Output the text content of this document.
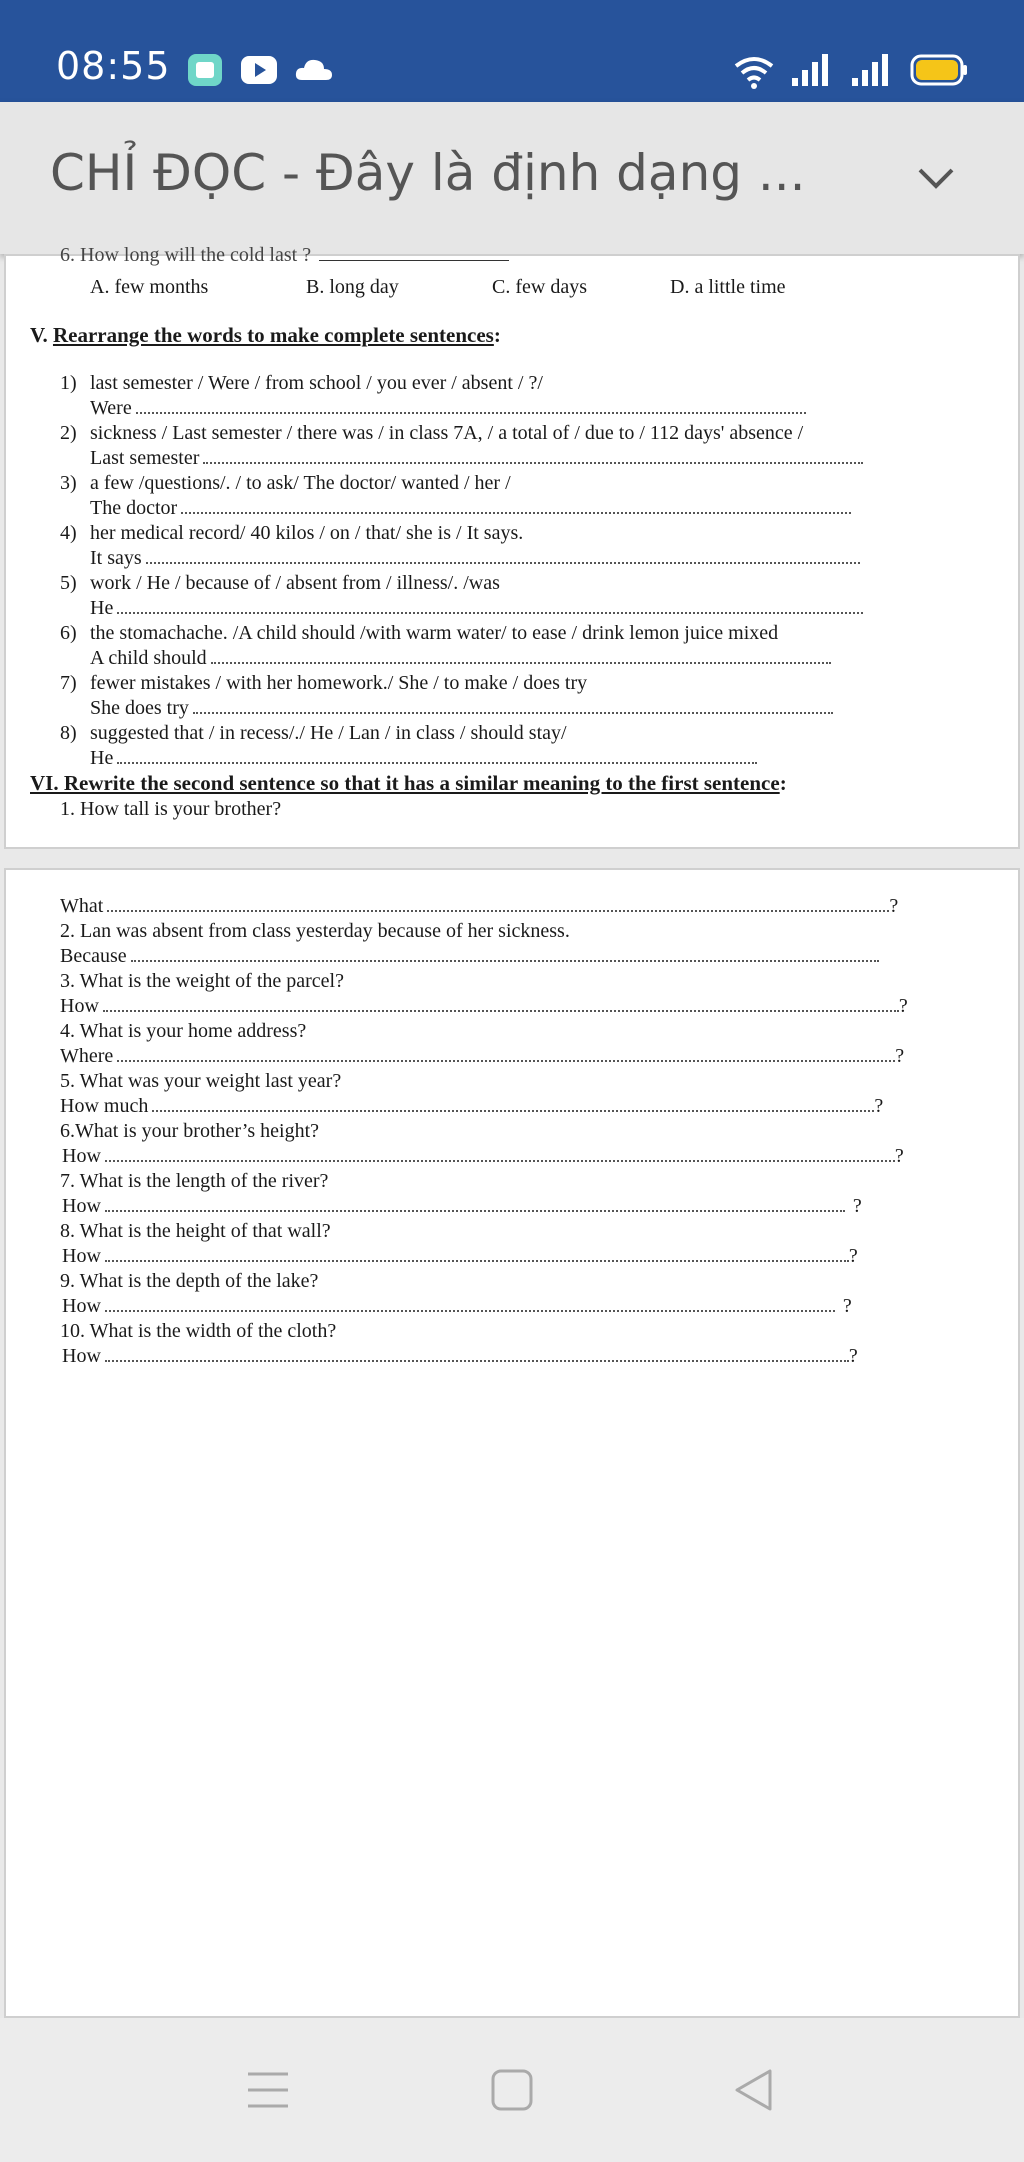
08:55
CHỈ ĐỌC - Đây là định dạng ...
6. How long will the cold last ?
A. few months	B. long day	C. few days	D. a little time
V. Rearrange the words to make complete sentences:
1) last semester / Were / from school / you ever / absent / ?/
Were
2) sickness / Last semester / there was / in class 7A, / a total of / due to / 112 days' absence /
Last semester
3) a few /questions/. / to ask/ The doctor/ wanted / her /
The doctor
4) her medical record/ 40 kilos / on / that/ she is / It says.
It says
5) work / He / because of / absent from / illness/. /was
He
6) the stomachache. /A child should /with warm water/ to ease / drink lemon juice mixed
A child should
7) fewer mistakes / with her homework./ She / to make / does try
She does try
8) suggested that / in recess/./ He / Lan / in class / should stay/
He
VI. Rewrite the second sentence so that it has a similar meaning to the first sentence:
1. How tall is your brother?
What	?
2. Lan was absent from class yesterday because of her sickness.
Because
3. What is the weight of the parcel?
How	?
4. What is your home address?
Where	?
5. What was your weight last year?
How much	?
6.What is your brother’s height?
How	?
7. What is the length of the river?
How	?
8. What is the height of that wall?
How	?
9. What is the depth of the lake?
How	?
10. What is the width of the cloth?
How	?
